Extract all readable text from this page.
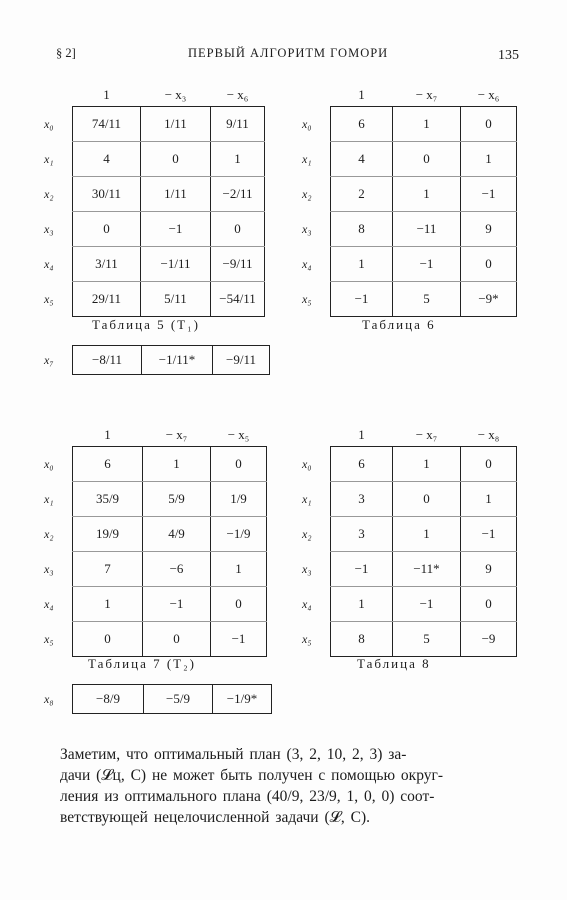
§ 2]	ПЕРВЫЙ АЛГОРИТМ ГОМОРИ	135
	1	− x₃	− x₆
x₀	74/11	1/11	9/11
x₁	4	0	1
x₂	30/11	1/11	−2/11
x₃	0	−1	0
x₄	3/11	−1/11	−9/11
x₅	29/11	5/11	−54/11
Таблица 5 (T₁)
x₇	−8/11	−1/11*	−9/11
	1	− x₇	− x₆
x₀	6	1	0
x₁	4	0	1
x₂	2	1	−1
x₃	8	−11	9
x₄	1	−1	0
x₅	−1	5	−9*
Таблица 6
	1	− x₇	− x₅
x₀	6	1	0
x₁	35/9	5/9	1/9
x₂	19/9	4/9	−1/9
x₃	7	−6	1
x₄	1	−1	0
x₅	0	0	−1
Таблица 7 (T₂)
x₈	−8/9	−5/9	−1/9*
	1	− x₇	− x₈
x₀	6	1	0
x₁	3	0	1
x₂	3	1	−1
x₃	−1	−11*	9
x₄	1	−1	0
x₅	8	5	−9
Таблица 8
Заметим, что оптимальный план (3, 2, 10, 2, 3) за-
дачи (𝓛ц, C) не может быть получен с помощью округ-
ления из оптимального плана (40/9, 23/9, 1, 0, 0) соот-
ветствующей нецелочисленной задачи (𝓛, C).
